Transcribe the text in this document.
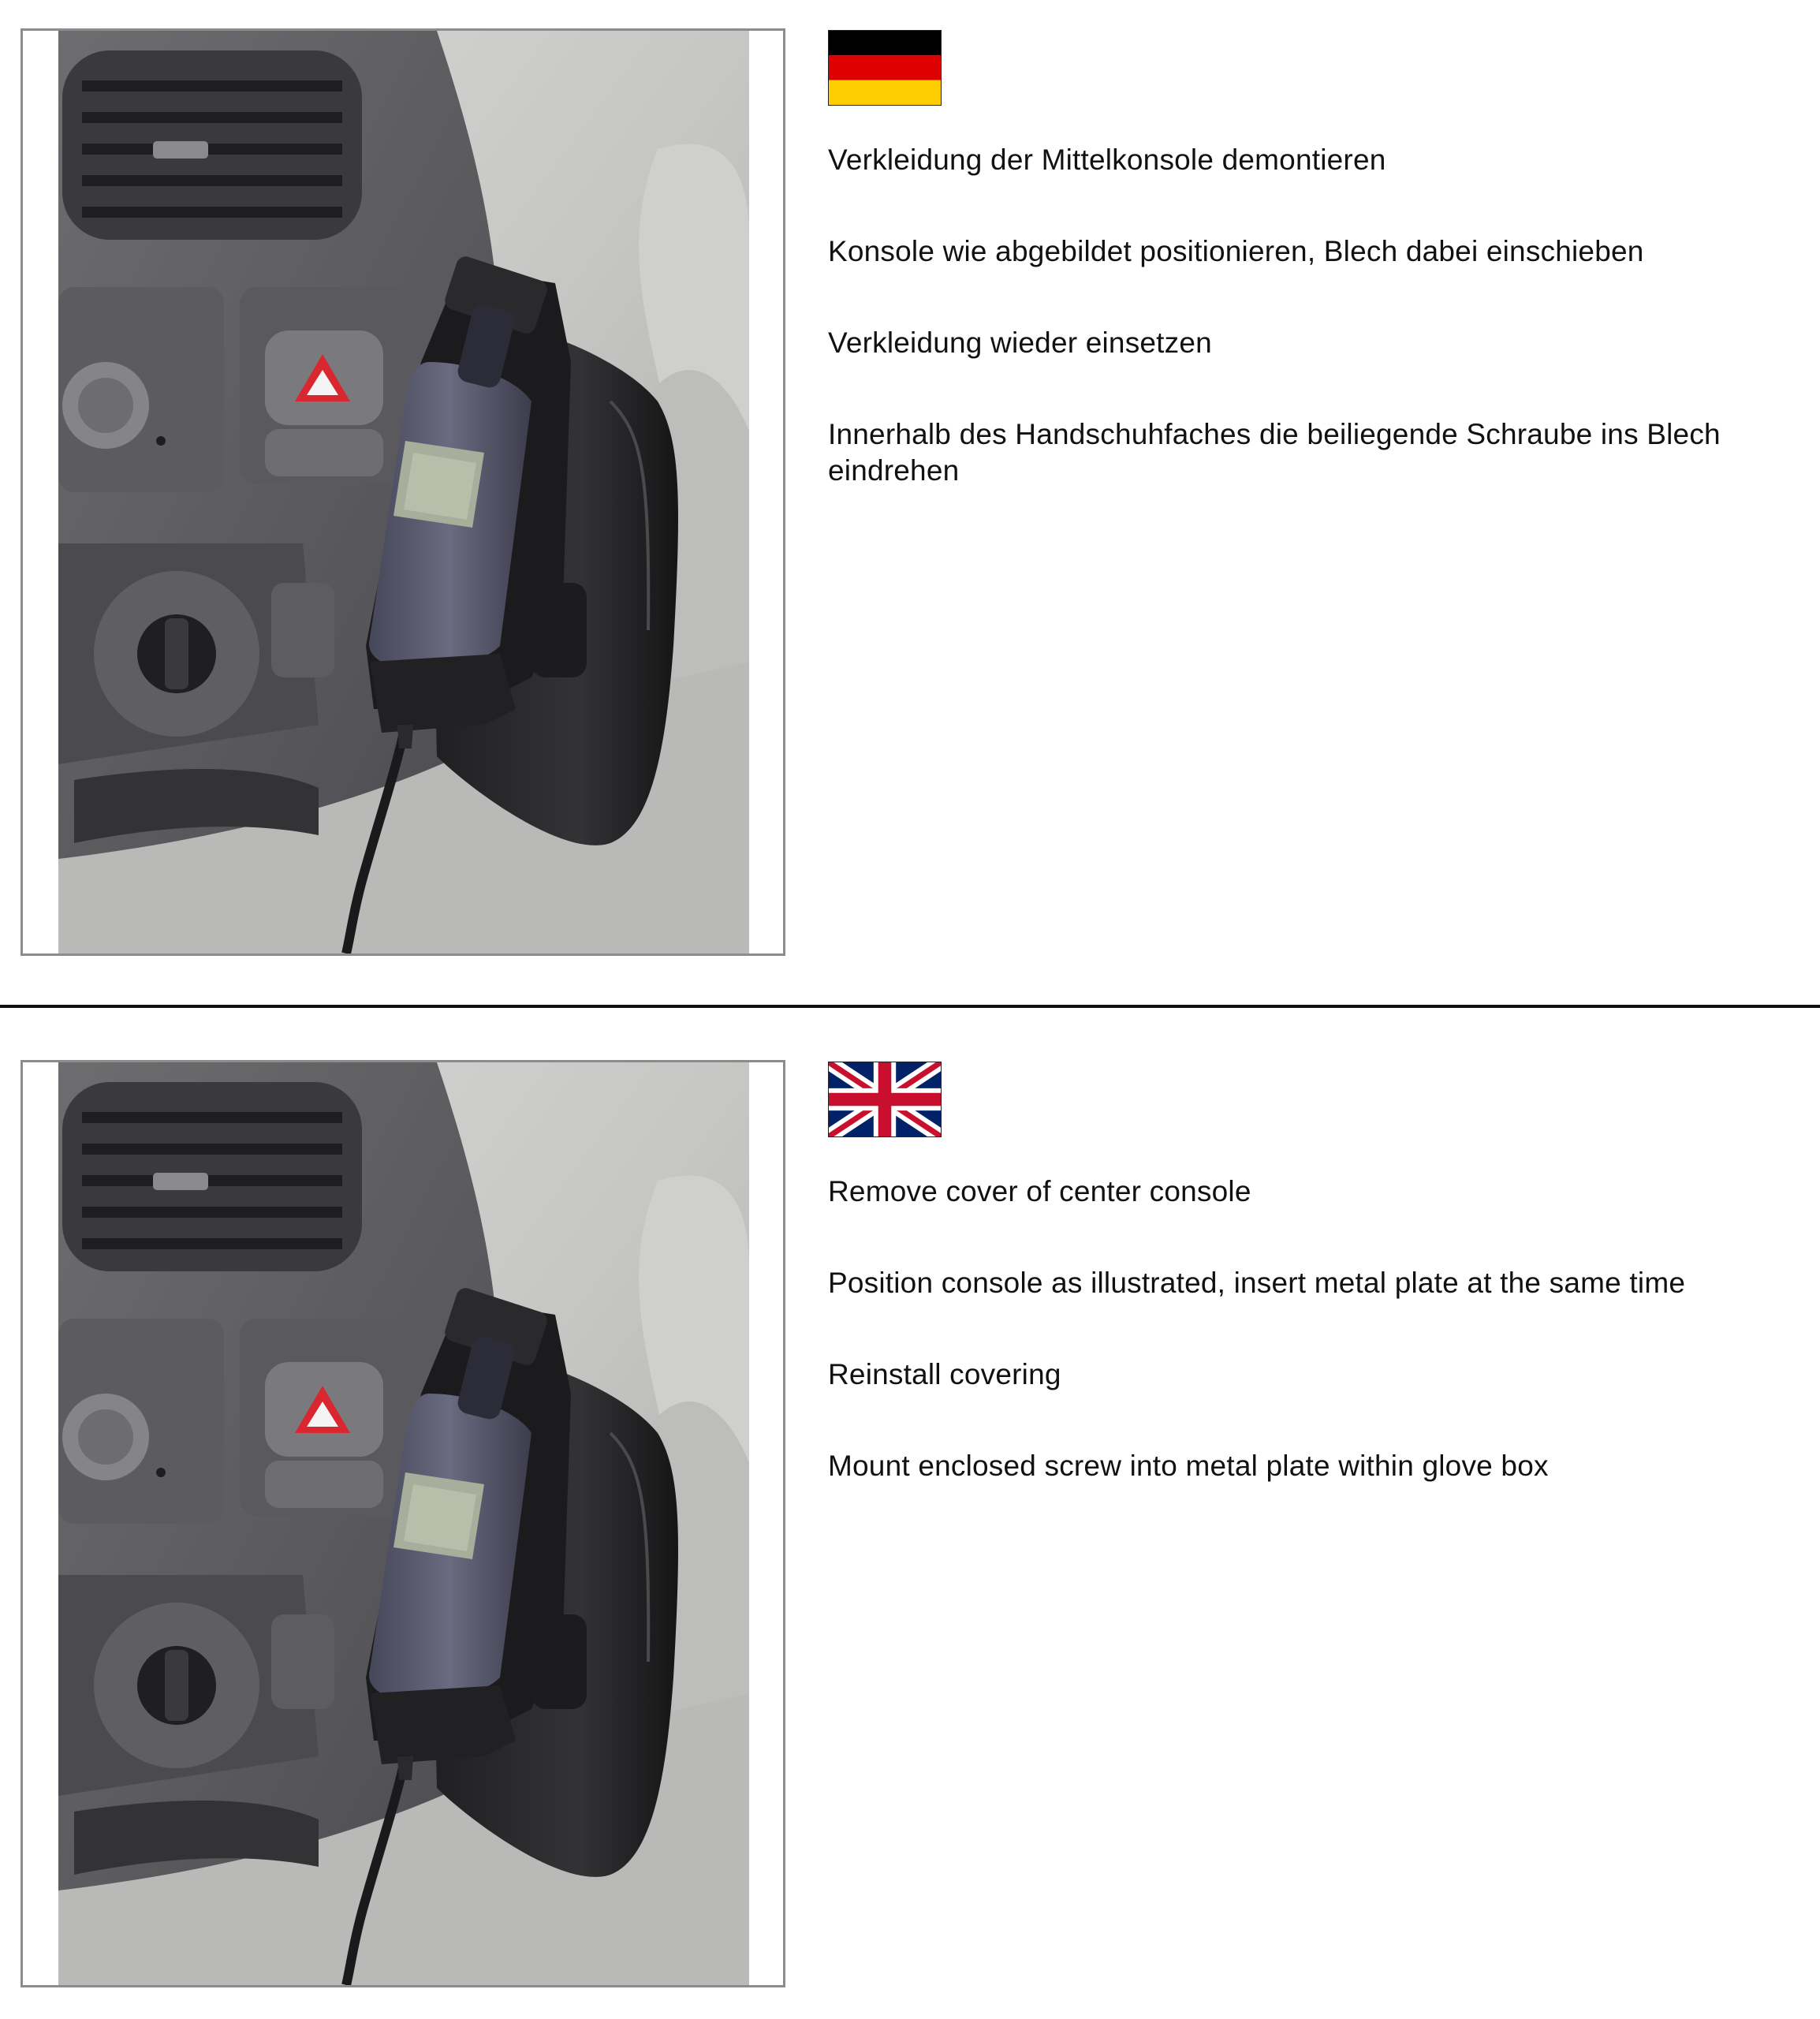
Verkleidung der Mittelkonsole demontieren

Konsole wie abgebildet positionieren, Blech dabei einschieben

Verkleidung wieder einsetzen

Innerhalb des Handschuhfaches die beiliegende Schraube ins Blech eindrehen

Remove cover of center console

Position console as illustrated, insert metal plate at the same time

Reinstall covering

Mount enclosed screw into metal plate within glove box
